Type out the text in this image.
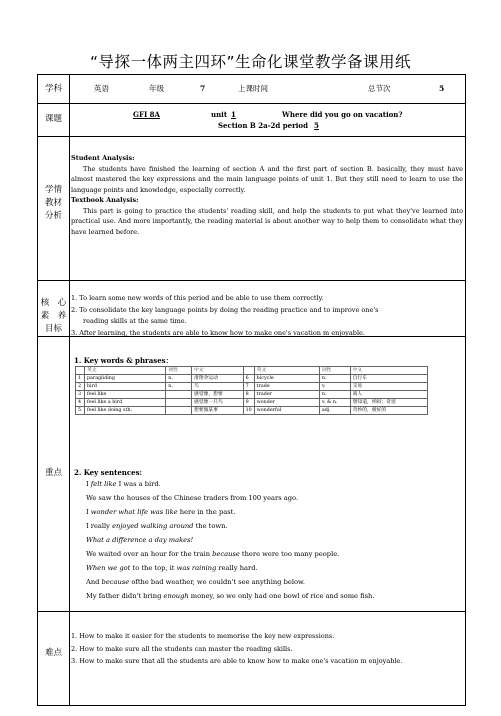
“导探一体两主四环”生命化课堂教学备课用纸
学科	英语	年级	7	上课时间	总节次	5
课题	GFI 8A	unit 1	Where did you go on vacation?
Section B 2a-2d period 5
学情
教材
分析
Student Analysis:
The students have finished the learning of section A and the first part of section B. basically, they must have almost mastered the key expressions and the main language points of unit 1. But they still need to learn to use the language points and knowledge, especially correctly.
Textbook Analysis:
This part is going to practice the students' reading skill, and help the students to put what they've learned into practical use. And more importantly, the reading material is about another way to help them to consolidate what they have learned before.
核　心
素　养
目标
1. To learn some new words of this period and be able to use them correctly.
2. To consolidate the key language points by doing the reading practice and to improve one's
reading skills at the same time.
3. After learning, the students are able to know how to make one's vacation m enjoyable.
重点
1. Key words & phrases：
	英文	词性	中文		英文	词性	中文
1	paragliding	n.	滑翔伞运动	6	bicycle	n.	自行车
2	bird	n.	鸟	7	trade	v.	交易
3	feel like		感觉像，想要	8	trader	n.	商人
4	feel like a bird		感觉像一只鸟	9	wonder	v. & n.	想知道，纳闷；奇迹
5	feel like doing sth.		想要做某事	10	wonderful	adj.	奇妙的，极好的
2. Key sentences:
I felt like I was a bird.
We saw the houses of the Chinese traders from 100 years ago.
I wonder what life was like here in the past.
I really enjoyed walking around the town.
What a difference a day makes!
We waited over an hour for the train because there were too many people.
When we got to the top, it was raining really hard.
And because ofthe bad weather, we couldn't see anything below.
My father didn't bring enough money, so we only had one bowl of rice and some fish.
难点
1. How to make it easier for the students to memorise the key new expressions.
2. How to make sure all the students can master the reading skills.
3. How to make sure that all the students are able to know how to make one's vacation m enjoyable.
